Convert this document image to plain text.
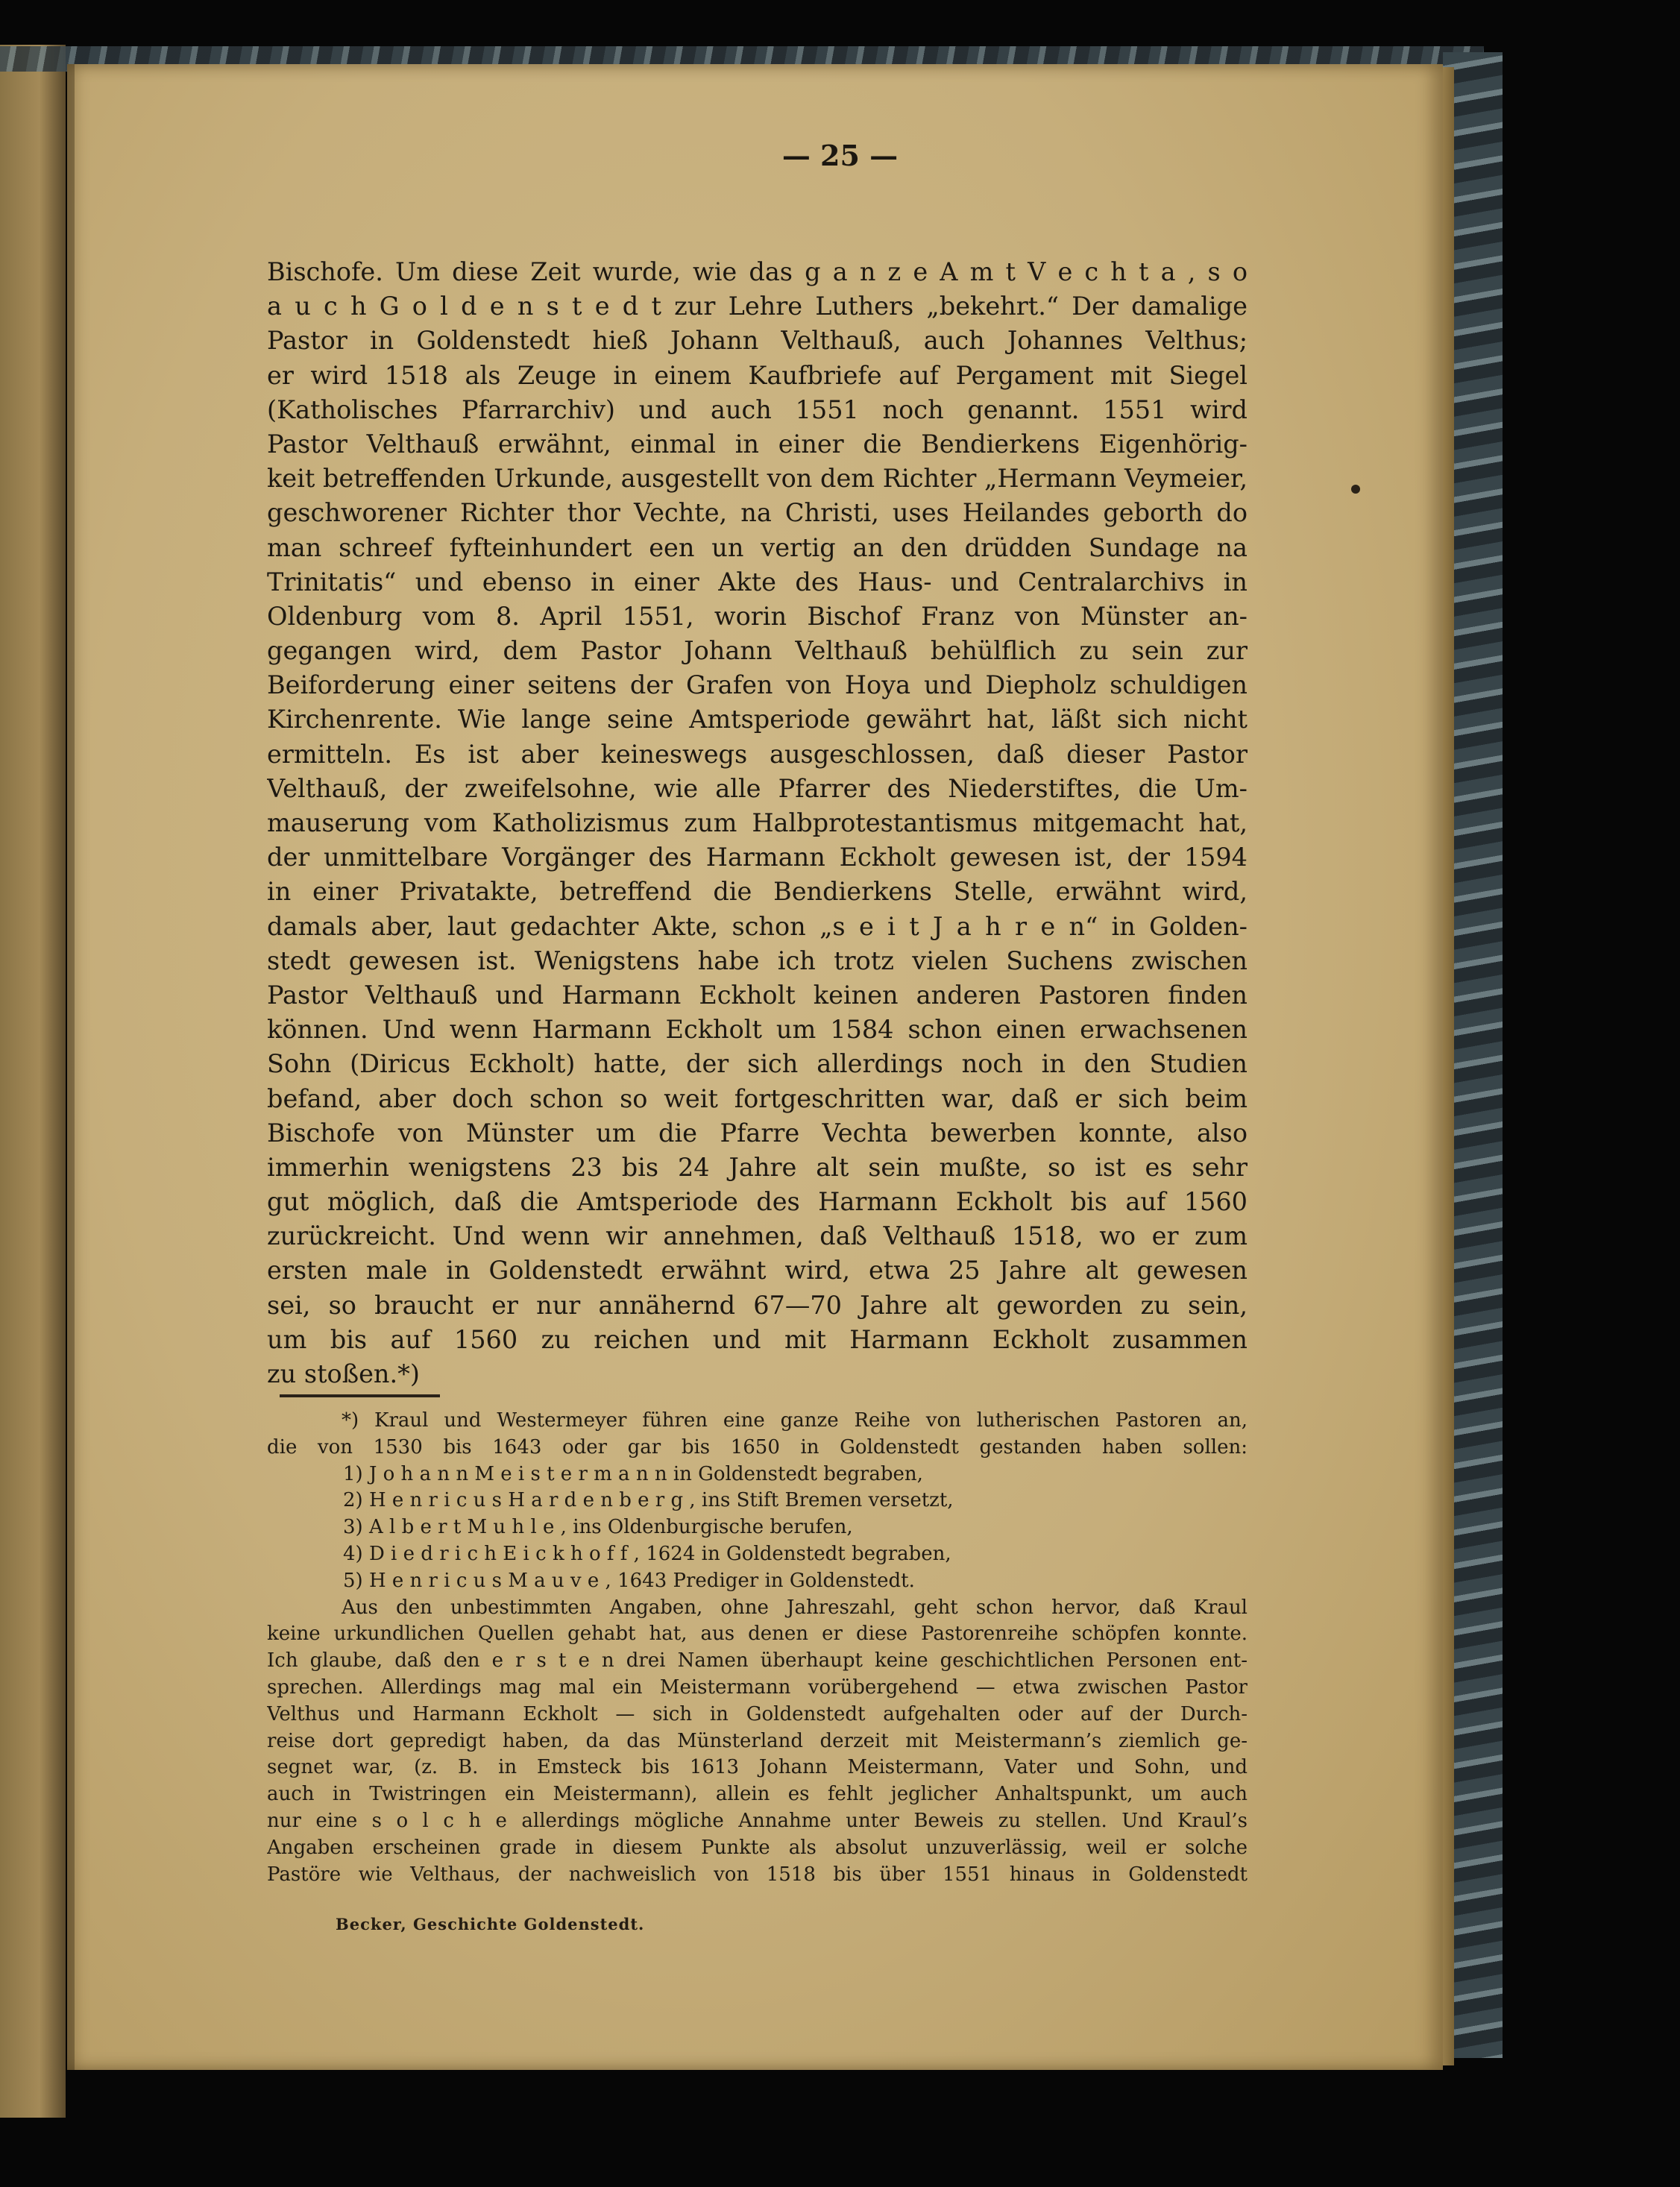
— 25 —
Bischofe. Um diese Zeit wurde, wie das g a n z e A m t V e c h t a , s o
a u c h G o l d e n s t e d t zur Lehre Luthers „bekehrt.“ Der damalige
Pastor in Goldenstedt hieß Johann Velthauß, auch Johannes Velthus;
er wird 1518 als Zeuge in einem Kaufbriefe auf Pergament mit Siegel
(Katholisches Pfarrarchiv) und auch 1551 noch genannt. 1551 wird
Pastor Velthauß erwähnt, einmal in einer die Bendierkens Eigenhörig-
keit betreffenden Urkunde, ausgestellt von dem Richter „Hermann Veymeier,
geschworener Richter thor Vechte, na Christi, uses Heilandes geborth do
man schreef fyfteinhundert een un vertig an den drüdden Sundage na
Trinitatis“ und ebenso in einer Akte des Haus- und Centralarchivs in
Oldenburg vom 8. April 1551, worin Bischof Franz von Münster an-
gegangen wird, dem Pastor Johann Velthauß behülflich zu sein zur
Beiforderung einer seitens der Grafen von Hoya und Diepholz schuldigen
Kirchenrente. Wie lange seine Amtsperiode gewährt hat, läßt sich nicht
ermitteln. Es ist aber keineswegs ausgeschlossen, daß dieser Pastor
Velthauß, der zweifelsohne, wie alle Pfarrer des Niederstiftes, die Um-
mauserung vom Katholizismus zum Halbprotestantismus mitgemacht hat,
der unmittelbare Vorgänger des Harmann Eckholt gewesen ist, der 1594
in einer Privatakte, betreffend die Bendierkens Stelle, erwähnt wird,
damals aber, laut gedachter Akte, schon „s e i t J a h r e n“ in Golden-
stedt gewesen ist. Wenigstens habe ich trotz vielen Suchens zwischen
Pastor Velthauß und Harmann Eckholt keinen anderen Pastoren finden
können. Und wenn Harmann Eckholt um 1584 schon einen erwachsenen
Sohn (Diricus Eckholt) hatte, der sich allerdings noch in den Studien
befand, aber doch schon so weit fortgeschritten war, daß er sich beim
Bischofe von Münster um die Pfarre Vechta bewerben konnte, also
immerhin wenigstens 23 bis 24 Jahre alt sein mußte, so ist es sehr
gut möglich, daß die Amtsperiode des Harmann Eckholt bis auf 1560
zurückreicht. Und wenn wir annehmen, daß Velthauß 1518, wo er zum
ersten male in Goldenstedt erwähnt wird, etwa 25 Jahre alt gewesen
sei, so braucht er nur annähernd 67—70 Jahre alt geworden zu sein,
um bis auf 1560 zu reichen und mit Harmann Eckholt zusammen
zu stoßen.*)
*) Kraul und Westermeyer führen eine ganze Reihe von lutherischen Pastoren an,
die von 1530 bis 1643 oder gar bis 1650 in Goldenstedt gestanden haben sollen:
1) J o h a n n M e i s t e r m a n n in Goldenstedt begraben,
2) H e n r i c u s H a r d e n b e r g , ins Stift Bremen versetzt,
3) A l b e r t M u h l e , ins Oldenburgische berufen,
4) D i e d r i c h E i c k h o f f , 1624 in Goldenstedt begraben,
5) H e n r i c u s M a u v e , 1643 Prediger in Goldenstedt.
Aus den unbestimmten Angaben, ohne Jahreszahl, geht schon hervor, daß Kraul
keine urkundlichen Quellen gehabt hat, aus denen er diese Pastorenreihe schöpfen konnte.
Ich glaube, daß den e r s t e n drei Namen überhaupt keine geschichtlichen Personen ent-
sprechen. Allerdings mag mal ein Meistermann vorübergehend — etwa zwischen Pastor
Velthus und Harmann Eckholt — sich in Goldenstedt aufgehalten oder auf der Durch-
reise dort gepredigt haben, da das Münsterland derzeit mit Meistermann’s ziemlich ge-
segnet war, (z. B. in Emsteck bis 1613 Johann Meistermann, Vater und Sohn, und
auch in Twistringen ein Meistermann), allein es fehlt jeglicher Anhaltspunkt, um auch
nur eine s o l c h e allerdings mögliche Annahme unter Beweis zu stellen. Und Kraul’s
Angaben erscheinen grade in diesem Punkte als absolut unzuverlässig, weil er solche
Pastöre wie Velthaus, der nachweislich von 1518 bis über 1551 hinaus in Goldenstedt
Becker, Geschichte Goldenstedt.
